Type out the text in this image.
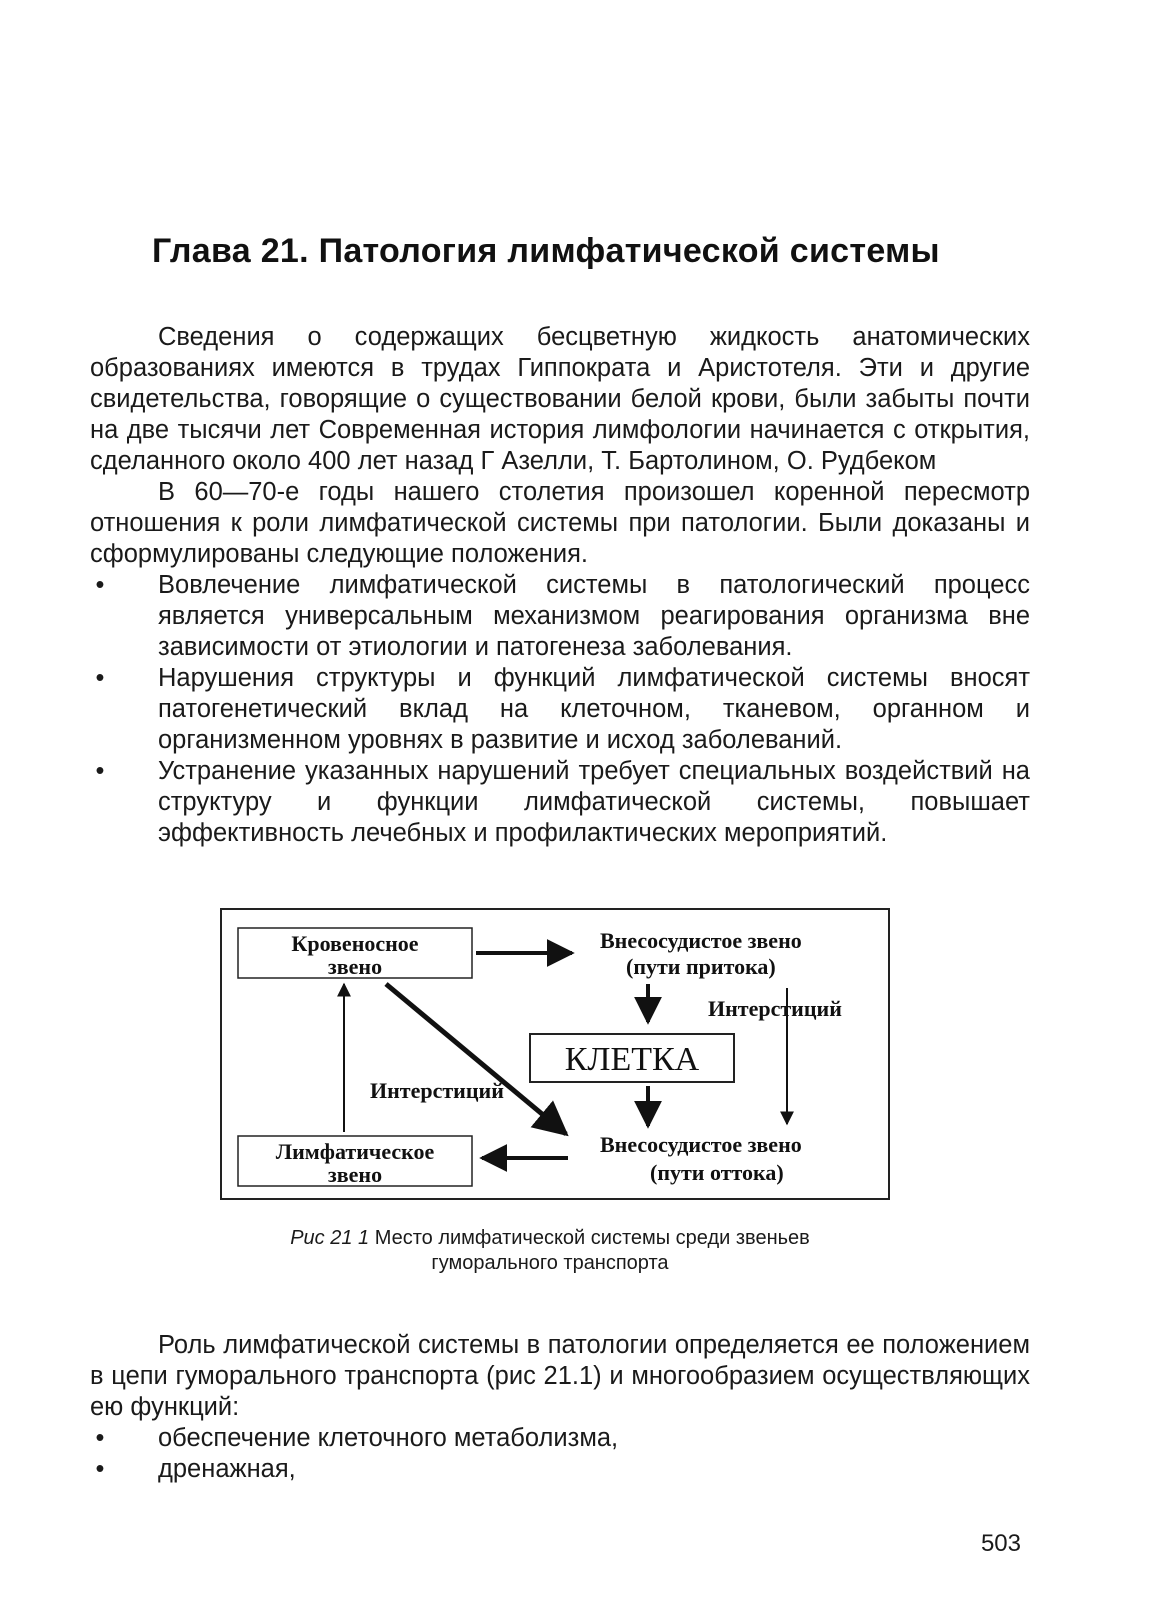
Глава 21. Патология лимфатической системы

Сведения о содержащих бесцветную жидкость анатомических образованиях имеются в трудах Гиппократа и Аристотеля. Эти и другие свидетельства, говорящие о существовании белой крови, были забыты почти на две тысячи лет Современная история лимфологии начинается с открытия, сделанного около 400 лет назад Г Азелли, Т. Бартолином, О. Рудбеком

В 60—70-е годы нашего столетия произошел коренной пересмотр отношения к роли лимфатической системы при патологии. Были доказаны и сформулированы следующие положения.

• Вовлечение лимфатической системы в патологический процесс является универсальным механизмом реагирования организма вне зависимости от этиологии и патогенеза заболевания.
• Нарушения структуры и функций лимфатической системы вносят патогенетический вклад на клеточном, тканевом, органном и организменном уровнях в развитие и исход заболеваний.
• Устранение указанных нарушений требует специальных воздействий на структуру и функции лимфатической системы, повышает эффективность лечебных и профилактических мероприятий.
Кровеносное
звено
Внесосудистое звено
(пути притока)
Интерстиций
КЛЕТКА
Интерстиций
Лимфатическое
звено
Внесосудистое звено
(пути оттока)
Рис 21 1 Место лимфатической системы среди звеньев
гуморального транспорта

Роль лимфатической системы в патологии определяется ее положением в цепи гуморального транспорта (рис 21.1) и многообразием осуществляющих ею функций:

• обеспечение клеточного метаболизма,
• дренажная,
503
